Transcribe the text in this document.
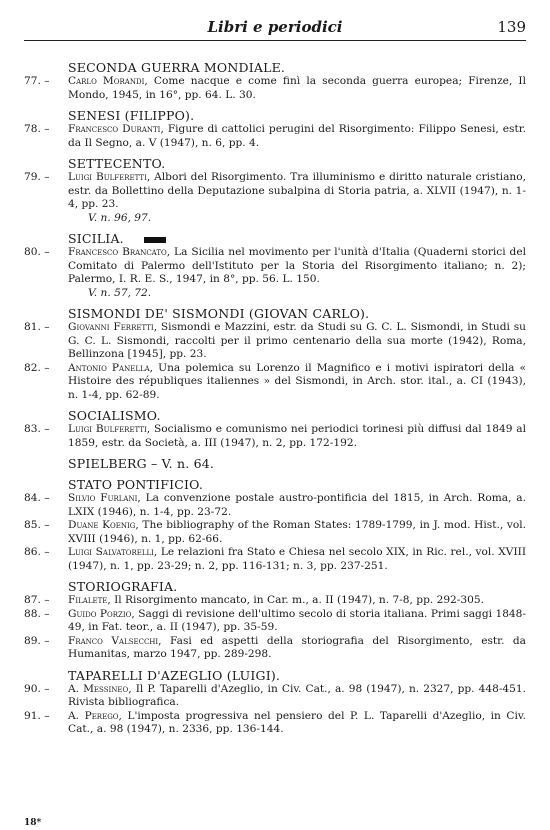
Libri e periodici	139
SECONDA GUERRA MONDIALE.
77. –	Carlo Morandi, Come nacque e come finì la seconda guerra europea; Firenze, Il Mondo, 1945, in 16°, pp. 64. L. 30.
SENESI (FILIPPO).
78. –	Francesco Duranti, Figure di cattolici perugini del Risorgimento: Filippo Senesi, estr. da Il Segno, a. V (1947), n. 6, pp. 4.
SETTECENTO.
79. –	Luigi Bulferetti, Albori del Risorgimento. Tra illuminismo e diritto naturale cristiano, estr. da Bollettino della Deputazione subalpina di Storia patria, a. XLVII (1947), n. 1-4, pp. 23.
V. n. 96, 97.
SICILIA.
80. –	Francesco Brancato, La Sicilia nel movimento per l'unità d'Italia (Quaderni storici del Comitato di Palermo dell'Istituto per la Storia del Risorgimento italiano; n. 2); Palermo, I. R. E. S., 1947, in 8°, pp. 56. L. 150.
V. n. 57, 72.
SISMONDI DE' SISMONDI (GIOVAN CARLO).
81. –	Giovanni Ferretti, Sismondi e Mazzini, estr. da Studi su G. C. L. Sismondi, in Studi su G. C. L. Sismondi, raccolti per il primo centenario della sua morte (1942), Roma, Bellinzona [1945], pp. 23.
82. –	Antonio Panella, Una polemica su Lorenzo il Magnifico e i motivi ispiratori della « Histoire des républiques italiennes » del Sismondi, in Arch. stor. ital., a. CI (1943), n. 1-4, pp. 62-89.
SOCIALISMO.
83. –	Luigi Bulferetti, Socialismo e comunismo nei periodici torinesi più diffusi dal 1849 al 1859, estr. da Società, a. III (1947), n. 2, pp. 172-192.
SPIELBERG – V. n. 64.
STATO PONTIFICIO.
84. –	Silvio Furlani, La convenzione postale austro-pontificia del 1815, in Arch. Roma, a. LXIX (1946), n. 1-4, pp. 23-72.
85. –	Duane Koenig, The bibliography of the Roman States: 1789-1799, in J. mod. Hist., vol. XVIII (1946), n. 1, pp. 62-66.
86. –	Luigi Salvatorelli, Le relazioni fra Stato e Chiesa nel secolo XIX, in Ric. rel., vol. XVIII (1947), n. 1, pp. 23-29; n. 2, pp. 116-131; n. 3, pp. 237-251.
STORIOGRAFIA.
87. –	Filalete, Il Risorgimento mancato, in Car. m., a. II (1947), n. 7-8, pp. 292-305.
88. –	Guido Porzio, Saggi di revisione dell'ultimo secolo di storia italiana. Primi saggi 1848-49, in Fat. teor., a. II (1947), pp. 35-59.
89. –	Franco Valsecchi, Fasi ed aspetti della storiografia del Risorgimento, estr. da Humanitas, marzo 1947, pp. 289-298.
TAPARELLI D'AZEGLIO (LUIGI).
90. –	A. Messineo, Il P. Taparelli d'Azeglio, in Civ. Cat., a. 98 (1947), n. 2327, pp. 448-451. Rivista bibliografica.
91. –	A. Perego, L'imposta progressiva nel pensiero del P. L. Taparelli d'Azeglio, in Civ. Cat., a. 98 (1947), n. 2336, pp. 136-144.
18*
